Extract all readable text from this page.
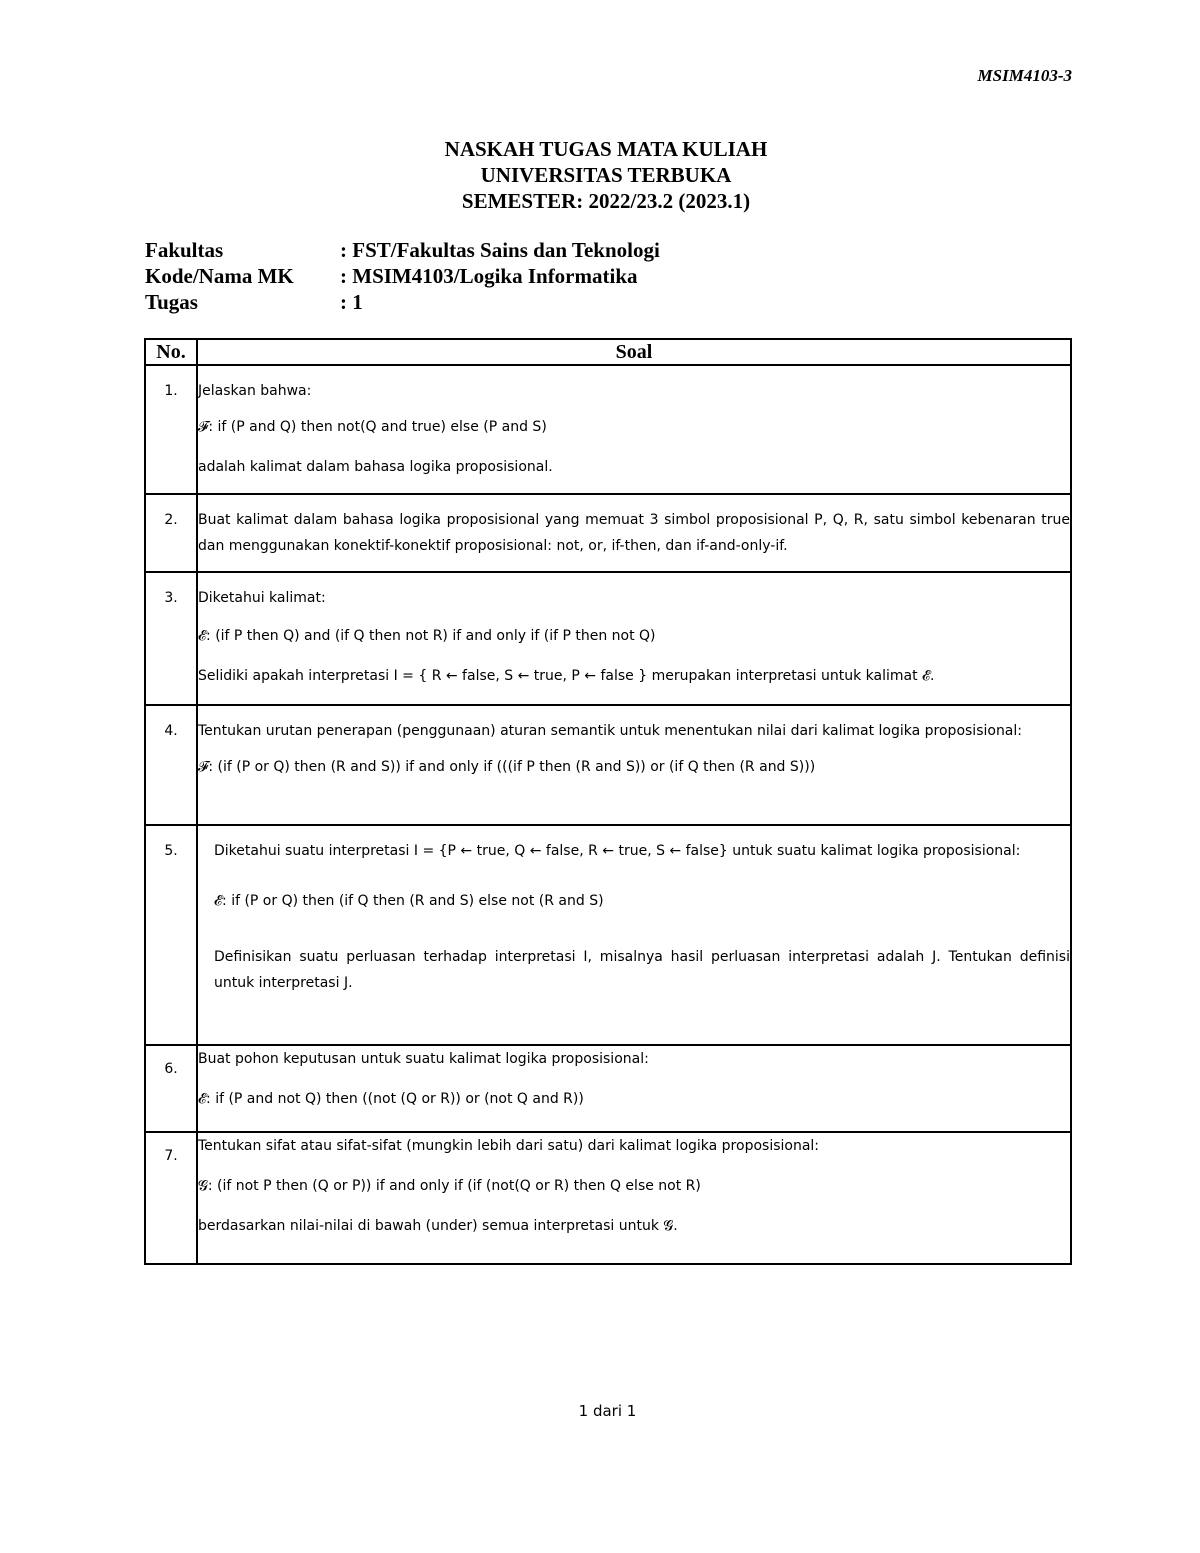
MSIM4103-3
NASKAH TUGAS MATA KULIAH
UNIVERSITAS TERBUKA
SEMESTER: 2022/23.2 (2023.1)
Fakultas	: FST/Fakultas Sains dan Teknologi
Kode/Nama MK	: MSIM4103/Logika Informatika
Tugas	: 1
No.	Soal

1.	Jelaskan bahwa:
𝓕: if (P and Q) then not(Q and true) else (P and S)
adalah kalimat dalam bahasa logika proposisional.

2.	Buat kalimat dalam bahasa logika proposisional yang memuat 3 simbol proposisional P, Q, R, satu simbol kebenaran true dan menggunakan konektif-konektif proposisional: not, or, if-then, dan if-and-only-if.

3.	Diketahui kalimat:
𝓔: (if P then Q) and (if Q then not R) if and only if (if P then not Q)
Selidiki apakah interpretasi I = { R ← false, S ← true, P ← false } merupakan interpretasi untuk kalimat 𝓔.

4.	Tentukan urutan penerapan (penggunaan) aturan semantik untuk menentukan nilai dari kalimat logika proposisional:
𝓕: (if (P or Q) then (R and S)) if and only if (((if P then (R and S)) or (if Q then (R and S)))

5.	Diketahui suatu interpretasi I = {P ← true, Q ← false, R ← true, S ← false} untuk suatu kalimat logika proposisional:
𝓔: if (P or Q) then (if Q then (R and S) else not (R and S)
Definisikan suatu perluasan terhadap interpretasi I, misalnya hasil perluasan interpretasi adalah J. Tentukan definisi untuk interpretasi J.

6.	Buat pohon keputusan untuk suatu kalimat logika proposisional:
𝓔: if (P and not Q) then ((not (Q or R)) or (not Q and R))

7.	Tentukan sifat atau sifat-sifat (mungkin lebih dari satu) dari kalimat logika proposisional:
𝓖: (if not P then (Q or P)) if and only if (if (not(Q or R) then Q else not R)
berdasarkan nilai-nilai di bawah (under) semua interpretasi untuk 𝓖.
1 dari 1
